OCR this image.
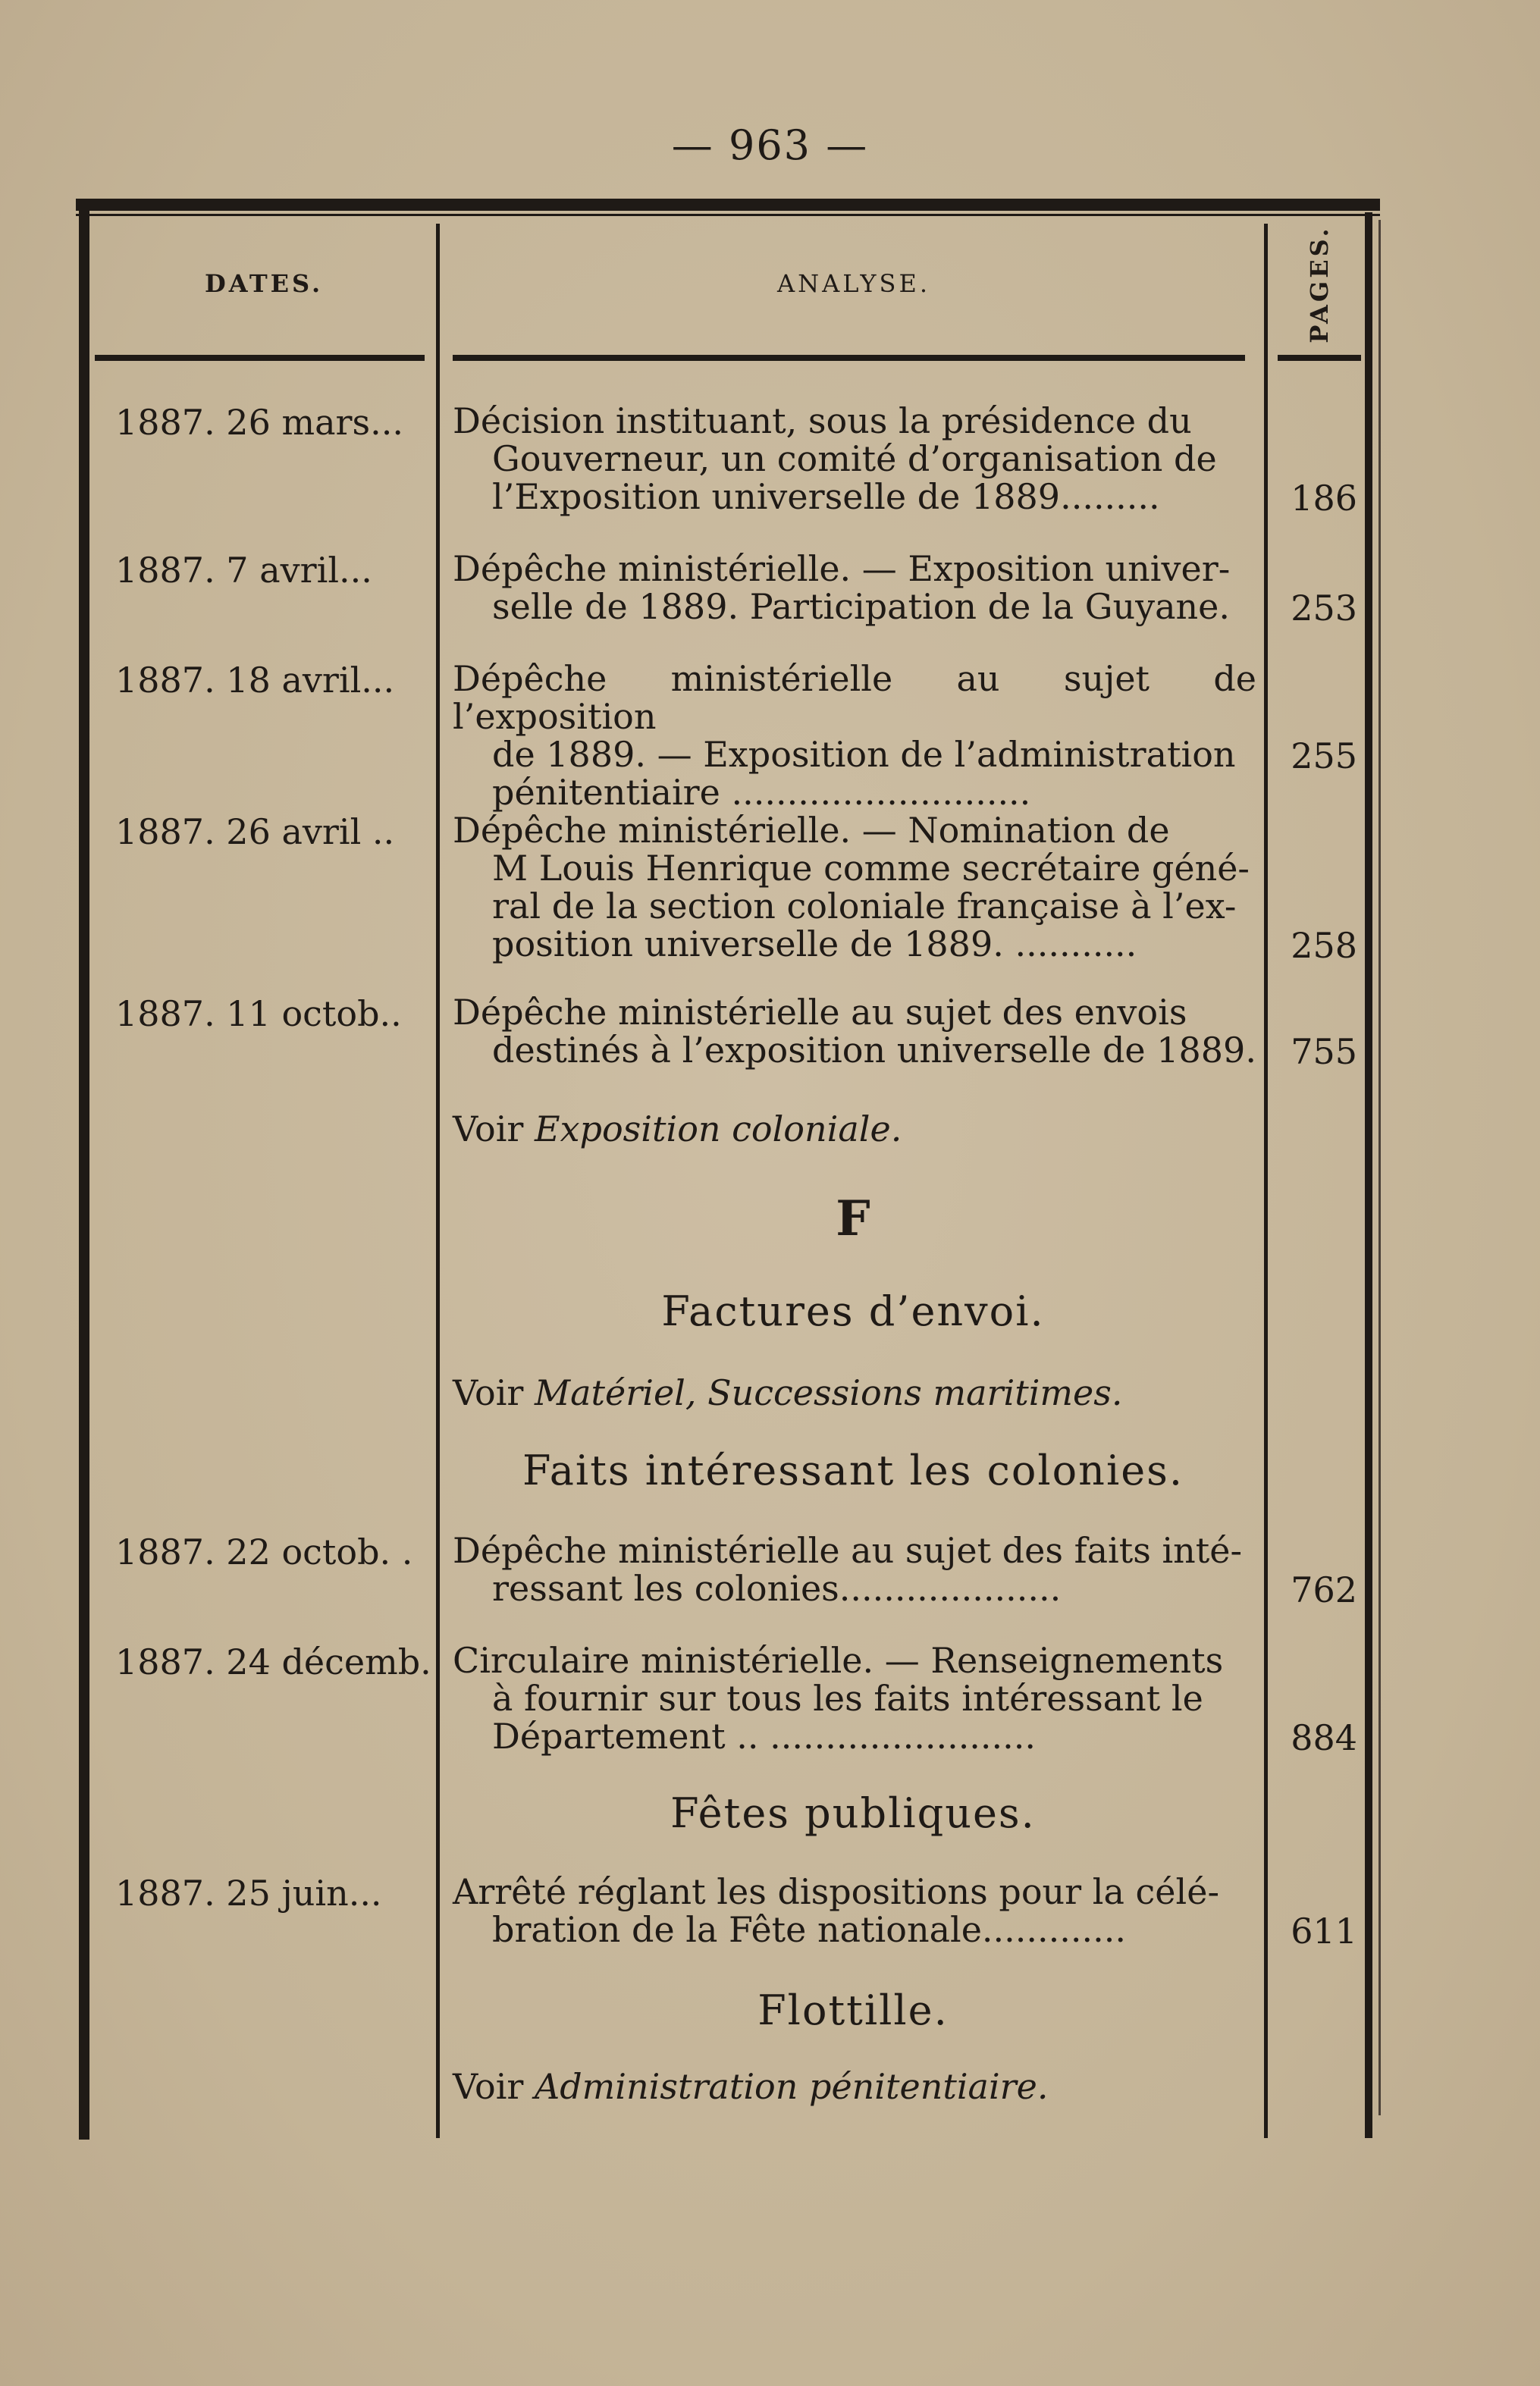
— 963 —
DATES.	ANALYSE.	PAGES.
1887. 26 mars... Décision instituant, sous la présidence du
Gouverneur, un comité d’organisation de
l’Exposition universelle de 1889.........	186
1887. 7 avril... Dépêche ministérielle. — Exposition univer-
selle de 1889. Participation de la Guyane.	253
1887. 18 avril... Dépêche ministérielle au sujet de l’exposition
de 1889. — Exposition de l’administration
pénitentiaire ...........................
255
1887. 26 avril .. Dépêche ministérielle. — Nomination de
M Louis Henrique comme secrétaire géné-
ral de la section coloniale française à l’ex-
position universelle de 1889. ...........	258
1887. 11 octob.. Dépêche ministérielle au sujet des envois
destinés à l’exposition universelle de 1889. 755
Voir Exposition coloniale.
F
Factures d’envoi.
Voir Matériel, Successions maritimes.
Faits intéressant les colonies.
1887. 22 octob. . Dépêche ministérielle au sujet des faits inté-
ressant les colonies....................	762
1887. 24 décemb. Circulaire ministérielle. — Renseignements
à fournir sur tous les faits intéressant le
Département .. ........................	884
Fêtes publiques.
1887. 25 juin... Arrêté réglant les dispositions pour la célé-
bration de la Fête nationale.............	611
Flottille.
Voir Administration pénitentiaire.
